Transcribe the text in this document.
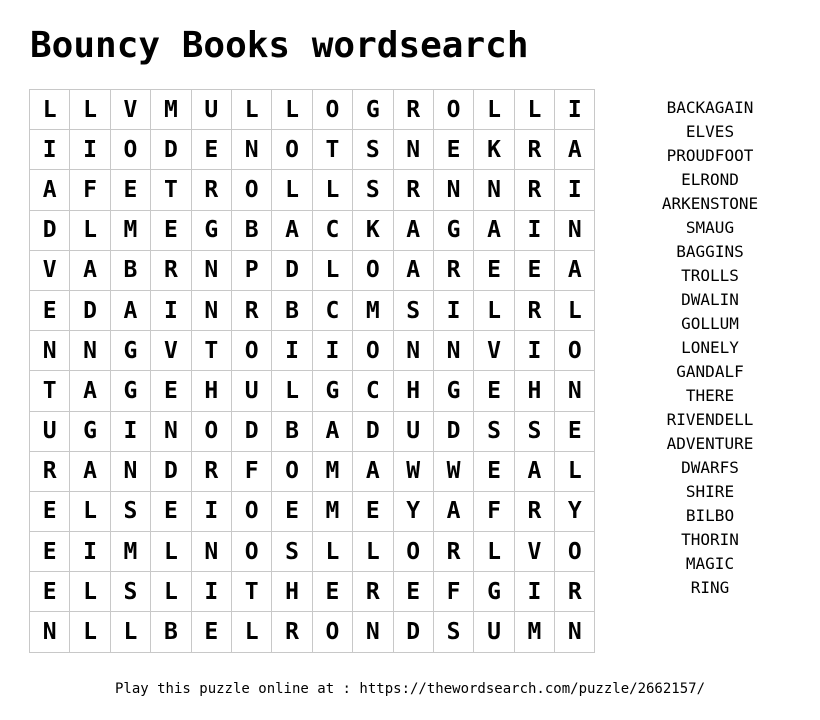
Bouncy Books wordsearch
L	L	V	M	U	L	L	O	G	R	O	L	L	I
I	I	O	D	E	N	O	T	S	N	E	K	R	A
A	F	E	T	R	O	L	L	S	R	N	N	R	I
D	L	M	E	G	B	A	C	K	A	G	A	I	N
V	A	B	R	N	P	D	L	O	A	R	E	E	A
E	D	A	I	N	R	B	C	M	S	I	L	R	L
N	N	G	V	T	O	I	I	O	N	N	V	I	O
T	A	G	E	H	U	L	G	C	H	G	E	H	N
U	G	I	N	O	D	B	A	D	U	D	S	S	E
R	A	N	D	R	F	O	M	A	W	W	E	A	L
E	L	S	E	I	O	E	M	E	Y	A	F	R	Y
E	I	M	L	N	O	S	L	L	O	R	L	V	O
E	L	S	L	I	T	H	E	R	E	F	G	I	R
N	L	L	B	E	L	R	O	N	D	S	U	M	N
BACKAGAIN
ELVES
PROUDFOOT
ELROND
ARKENSTONE
SMAUG
BAGGINS
TROLLS
DWALIN
GOLLUM
LONELY
GANDALF
THERE
RIVENDELL
ADVENTURE
DWARFS
SHIRE
BILBO
THORIN
MAGIC
RING
Play this puzzle online at : https://thewordsearch.com/puzzle/2662157/
